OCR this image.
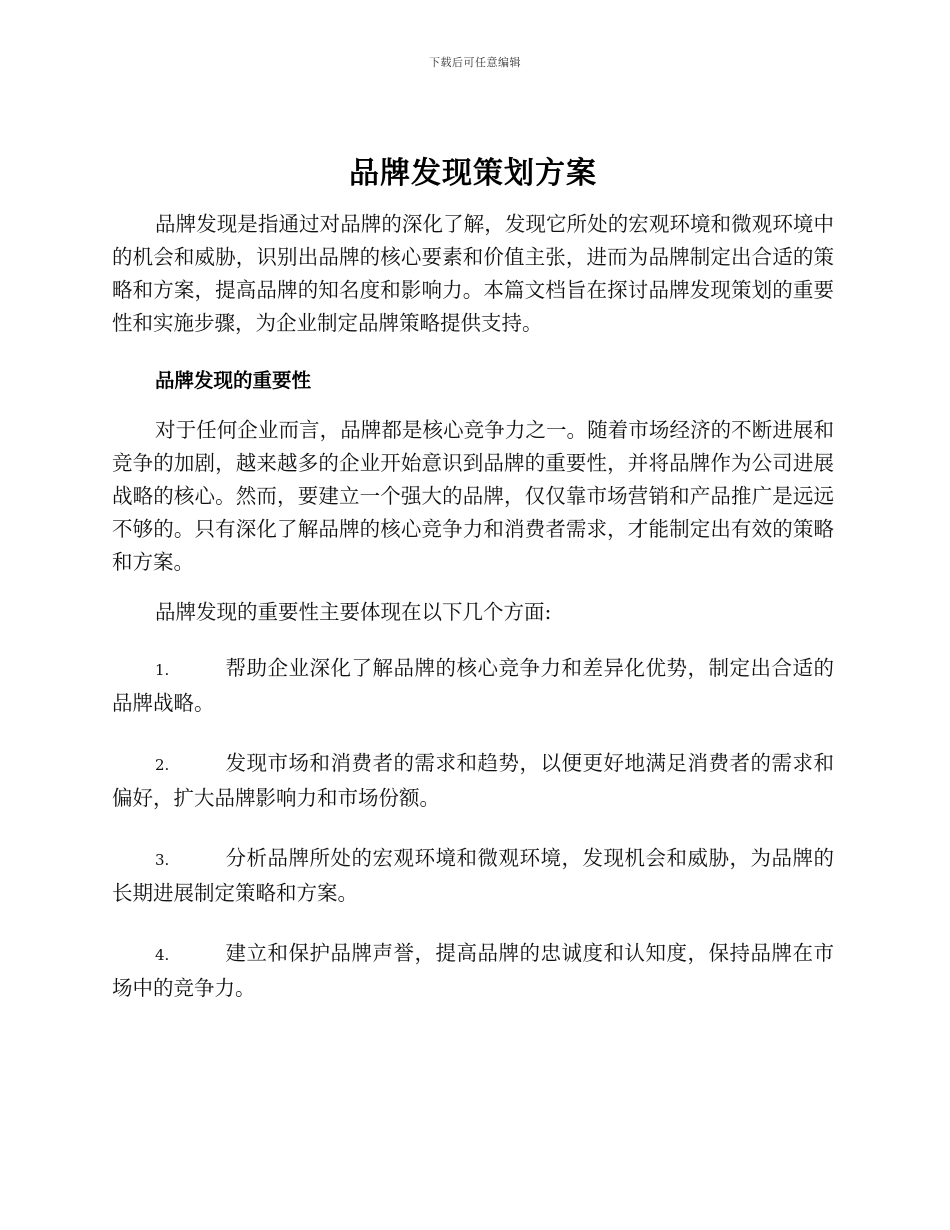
下载后可任意编辑
品牌发现策划方案

品牌发现是指通过对品牌的深化了解，发现它所处的宏观环境和微观环境中的机会和威胁，识别出品牌的核心要素和价值主张，进而为品牌制定出合适的策略和方案，提高品牌的知名度和影响力。本篇文档旨在探讨品牌发现策划的重要性和实施步骤，为企业制定品牌策略提供支持。

品牌发现的重要性

对于任何企业而言，品牌都是核心竞争力之一。随着市场经济的不断进展和竞争的加剧，越来越多的企业开始意识到品牌的重要性，并将品牌作为公司进展战略的核心。然而，要建立一个强大的品牌，仅仅靠市场营销和产品推广是远远不够的。只有深化了解品牌的核心竞争力和消费者需求，才能制定出有效的策略和方案。

品牌发现的重要性主要体现在以下几个方面:

1.	帮助企业深化了解品牌的核心竞争力和差异化优势，制定出合适的品牌战略。
2.	发现市场和消费者的需求和趋势，以便更好地满足消费者的需求和偏好，扩大品牌影响力和市场份额。
3.	分析品牌所处的宏观环境和微观环境，发现机会和威胁，为品牌的长期进展制定策略和方案。
4.	建立和保护品牌声誉，提高品牌的忠诚度和认知度，保持品牌在市场中的竞争力。
